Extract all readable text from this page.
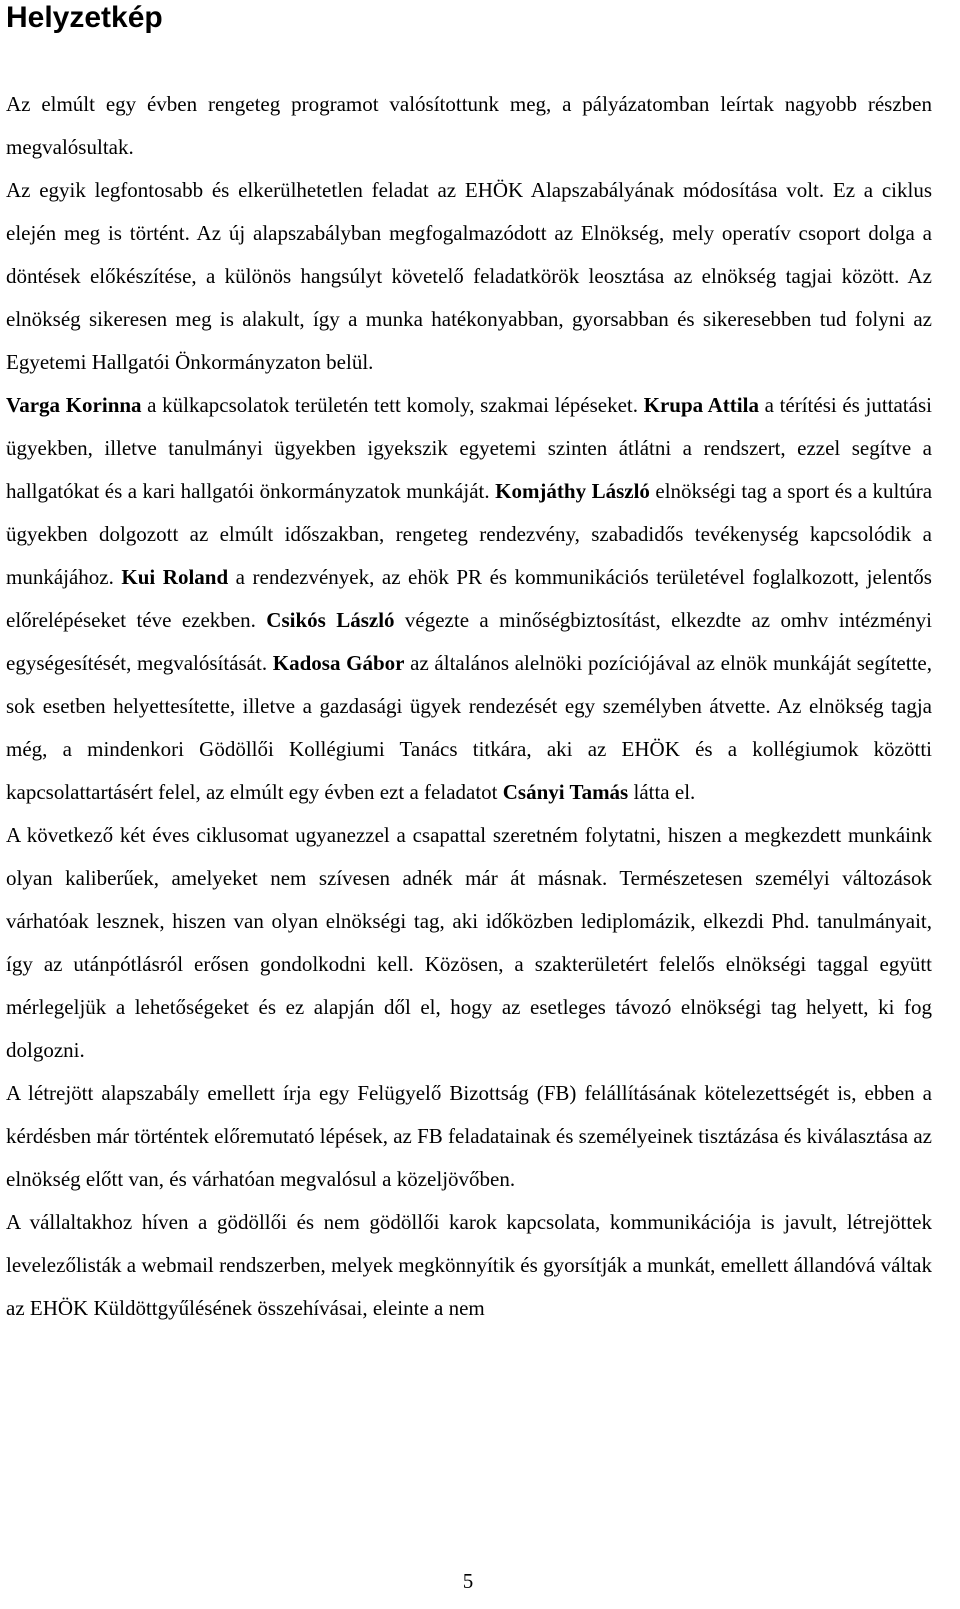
Helyzetkép

Az elmúlt egy évben rengeteg programot valósítottunk meg, a pályázatomban leírtak nagyobb részben megvalósultak.

Az egyik legfontosabb és elkerülhetetlen feladat az EHÖK Alapszabályának módosítása volt. Ez a ciklus elején meg is történt. Az új alapszabályban megfogalmazódott az Elnökség, mely operatív csoport dolga a döntések előkészítése, a különös hangsúlyt követelő feladatkörök leosztása az elnökség tagjai között. Az elnökség sikeresen meg is alakult, így a munka hatékonyabban, gyorsabban és sikeresebben tud folyni az Egyetemi Hallgatói Önkormányzaton belül.

Varga Korinna a külkapcsolatok területén tett komoly, szakmai lépéseket. Krupa Attila a térítési és juttatási ügyekben, illetve tanulmányi ügyekben igyekszik egyetemi szinten átlátni a rendszert, ezzel segítve a hallgatókat és a kari hallgatói önkormányzatok munkáját. Komjáthy László elnökségi tag a sport és a kultúra ügyekben dolgozott az elmúlt időszakban, rengeteg rendezvény, szabadidős tevékenység kapcsolódik a munkájához. Kui Roland a rendezvények, az ehök PR és kommunikációs területével foglalkozott, jelentős előrelépéseket téve ezekben. Csikós László végezte a minőségbiztosítást, elkezdte az omhv intézményi egységesítését, megvalósítását. Kadosa Gábor az általános alelnöki pozíciójával az elnök munkáját segítette, sok esetben helyettesítette, illetve a gazdasági ügyek rendezését egy személyben átvette. Az elnökség tagja még, a mindenkori Gödöllői Kollégiumi Tanács titkára, aki az EHÖK és a kollégiumok közötti kapcsolattartásért felel, az elmúlt egy évben ezt a feladatot Csányi Tamás látta el.

A következő két éves ciklusomat ugyanezzel a csapattal szeretném folytatni, hiszen a megkezdett munkáink olyan kaliberűek, amelyeket nem szívesen adnék már át másnak. Természetesen személyi változások várhatóak lesznek, hiszen van olyan elnökségi tag, aki időközben lediplomázik, elkezdi Phd. tanulmányait, így az utánpótlásról erősen gondolkodni kell. Közösen, a szakterületért felelős elnökségi taggal együtt mérlegeljük a lehetőségeket és ez alapján dől el, hogy az esetleges távozó elnökségi tag helyett, ki fog dolgozni.

A létrejött alapszabály emellett írja egy Felügyelő Bizottság (FB) felállításának kötelezettségét is, ebben a kérdésben már történtek előremutató lépések, az FB feladatainak és személyeinek tisztázása és kiválasztása az elnökség előtt van, és várhatóan megvalósul a közeljövőben.

A vállaltakhoz híven a gödöllői és nem gödöllői karok kapcsolata, kommunikációja is javult, létrejöttek levelezőlisták a webmail rendszerben, melyek megkönnyítik és gyorsítják a munkát, emellett állandóvá váltak az EHÖK Küldöttgyűlésének összehívásai, eleinte a nem

5
